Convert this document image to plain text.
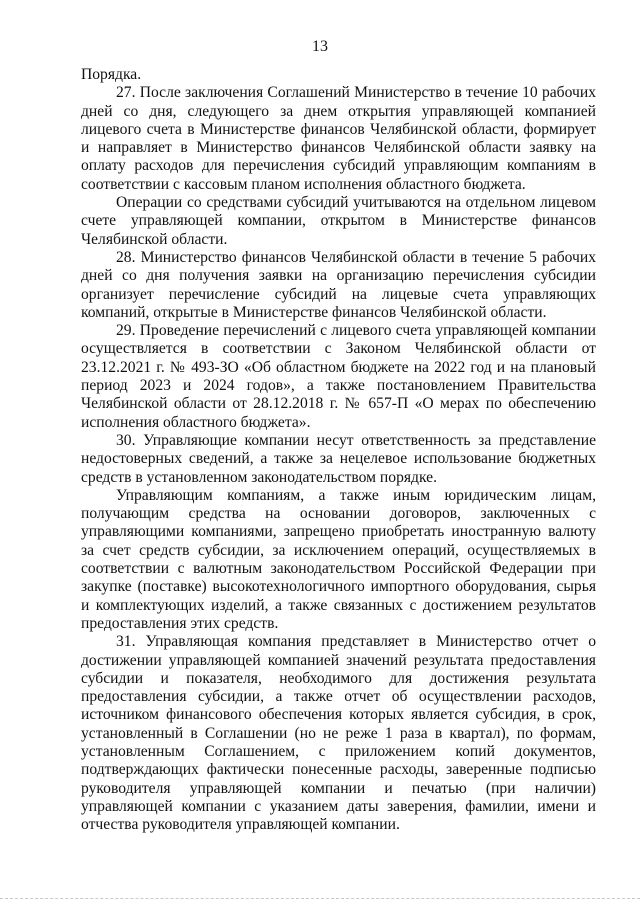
13

Порядка.

27. После заключения Соглашений Министерство в течение 10 рабочих дней со дня, следующего за днем открытия управляющей компанией лицевого счета в Министерстве финансов Челябинской области, формирует и направляет в Министерство финансов Челябинской области заявку на оплату расходов для перечисления субсидий управляющим компаниям в соответствии с кассовым планом исполнения областного бюджета.

Операции со средствами субсидий учитываются на отдельном лицевом счете управляющей компании, открытом в Министерстве финансов Челябинской области.

28. Министерство финансов Челябинской области в течение 5 рабочих дней со дня получения заявки на организацию перечисления субсидии организует перечисление субсидий на лицевые счета управляющих компаний, открытые в Министерстве финансов Челябинской области.

29. Проведение перечислений с лицевого счета управляющей компании осуществляется в соответствии с Законом Челябинской области от 23.12.2021 г. № 493-ЗО «Об областном бюджете на 2022 год и на плановый период 2023 и 2024 годов», а также постановлением Правительства Челябинской области от 28.12.2018 г. № 657-П «О мерах по обеспечению исполнения областного бюджета».

30. Управляющие компании несут ответственность за представление недостоверных сведений, а также за нецелевое использование бюджетных средств в установленном законодательством порядке.

Управляющим компаниям, а также иным юридическим лицам, получающим средства на основании договоров, заключенных с управляющими компаниями, запрещено приобретать иностранную валюту за счет средств субсидии, за исключением операций, осуществляемых в соответствии с валютным законодательством Российской Федерации при закупке (поставке) высокотехнологичного импортного оборудования, сырья и комплектующих изделий, а также связанных с достижением результатов предоставления этих средств.

31. Управляющая компания представляет в Министерство отчет о достижении управляющей компанией значений результата предоставления субсидии и показателя, необходимого для достижения результата предоставления субсидии, а также отчет об осуществлении расходов, источником финансового обеспечения которых является субсидия, в срок, установленный в Соглашении (но не реже 1 раза в квартал), по формам, установленным Соглашением, с приложением копий документов, подтверждающих фактически понесенные расходы, заверенные подписью руководителя управляющей компании и печатью (при наличии) управляющей компании с указанием даты заверения, фамилии, имени и отчества руководителя управляющей компании.
